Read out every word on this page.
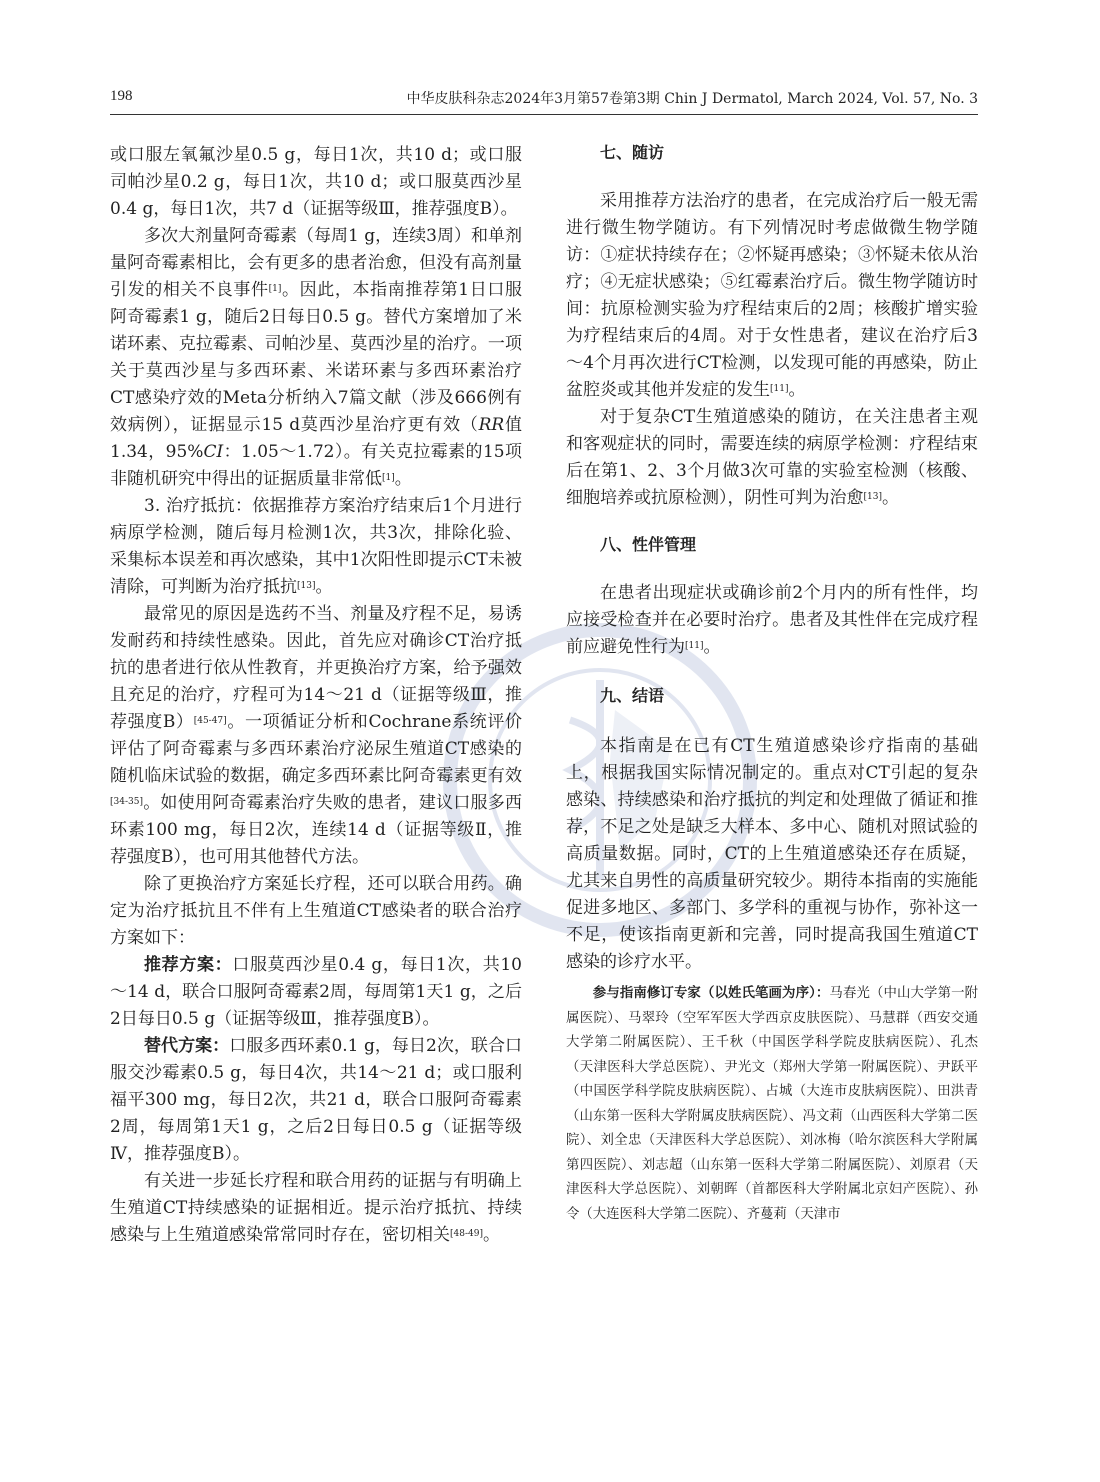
198	中华皮肤科杂志2024年3月第57卷第3期 Chin J Dermatol, March 2024, Vol. 57, No. 3

或口服左氧氟沙星0.5 g，每日1次，共10 d；或口服司帕沙星0.2 g，每日1次，共10 d；或口服莫西沙星0.4 g，每日1次，共7 d（证据等级Ⅲ，推荐强度B）。

多次大剂量阿奇霉素（每周1 g，连续3周）和单剂量阿奇霉素相比，会有更多的患者治愈，但没有高剂量引发的相关不良事件[1]。因此，本指南推荐第1日口服阿奇霉素1 g，随后2日每日0.5 g。替代方案增加了米诺环素、克拉霉素、司帕沙星、莫西沙星的治疗。一项关于莫西沙星与多西环素、米诺环素与多西环素治疗CT感染疗效的Meta分析纳入7篇文献（涉及666例有效病例），证据显示15 d莫西沙星治疗更有效（RR值1.34，95%CI：1.05～1.72）。有关克拉霉素的15项非随机研究中得出的证据质量非常低[1]。

3. 治疗抵抗：依据推荐方案治疗结束后1个月进行病原学检测，随后每月检测1次，共3次，排除化验、采集标本误差和再次感染，其中1次阳性即提示CT未被清除，可判断为治疗抵抗[13]。

最常见的原因是选药不当、剂量及疗程不足，易诱发耐药和持续性感染。因此，首先应对确诊CT治疗抵抗的患者进行依从性教育，并更换治疗方案，给予强效且充足的治疗，疗程可为14～21 d（证据等级Ⅲ，推荐强度B）[45-47]。一项循证分析和Cochrane系统评价评估了阿奇霉素与多西环素治疗泌尿生殖道CT感染的随机临床试验的数据，确定多西环素比阿奇霉素更有效[34-35]。如使用阿奇霉素治疗失败的患者，建议口服多西环素100 mg，每日2次，连续14 d（证据等级Ⅱ，推荐强度B），也可用其他替代方法。

除了更换治疗方案延长疗程，还可以联合用药。确定为治疗抵抗且不伴有上生殖道CT感染者的联合治疗方案如下：

推荐方案：口服莫西沙星0.4 g，每日1次，共10～14 d，联合口服阿奇霉素2周，每周第1天1 g，之后2日每日0.5 g（证据等级Ⅲ，推荐强度B）。

替代方案：口服多西环素0.1 g，每日2次，联合口服交沙霉素0.5 g，每日4次，共14～21 d；或口服利福平300 mg，每日2次，共21 d，联合口服阿奇霉素2周，每周第1天1 g，之后2日每日0.5 g（证据等级Ⅳ，推荐强度B）。

有关进一步延长疗程和联合用药的证据与有明确上生殖道CT持续感染的证据相近。提示治疗抵抗、持续感染与上生殖道感染常常同时存在，密切相关[48-49]。

七、随访

采用推荐方法治疗的患者，在完成治疗后一般无需进行微生物学随访。有下列情况时考虑做微生物学随访：①症状持续存在；②怀疑再感染；③怀疑未依从治疗；④无症状感染；⑤红霉素治疗后。微生物学随访时间：抗原检测实验为疗程结束后的2周；核酸扩增实验为疗程结束后的4周。对于女性患者，建议在治疗后3～4个月再次进行CT检测，以发现可能的再感染，防止盆腔炎或其他并发症的发生[11]。

对于复杂CT生殖道感染的随访，在关注患者主观和客观症状的同时，需要连续的病原学检测：疗程结束后在第1、2、3个月做3次可靠的实验室检测（核酸、细胞培养或抗原检测），阴性可判为治愈[13]。

八、性伴管理

在患者出现症状或确诊前2个月内的所有性伴，均应接受检查并在必要时治疗。患者及其性伴在完成疗程前应避免性行为[11]。

九、结语

本指南是在已有CT生殖道感染诊疗指南的基础上，根据我国实际情况制定的。重点对CT引起的复杂感染、持续感染和治疗抵抗的判定和处理做了循证和推荐，不足之处是缺乏大样本、多中心、随机对照试验的高质量数据。同时，CT的上生殖道感染还存在质疑，尤其来自男性的高质量研究较少。期待本指南的实施能促进多地区、多部门、多学科的重视与协作，弥补这一不足，使该指南更新和完善，同时提高我国生殖道CT感染的诊疗水平。

参与指南修订专家（以姓氏笔画为序）：马春光（中山大学第一附属医院）、马翠玲（空军军医大学西京皮肤医院）、马慧群（西安交通大学第二附属医院）、王千秋（中国医学科学院皮肤病医院）、孔杰（天津医科大学总医院）、尹光文（郑州大学第一附属医院）、尹跃平（中国医学科学院皮肤病医院）、占城（大连市皮肤病医院）、田洪青（山东第一医科大学附属皮肤病医院）、冯文莉（山西医科大学第二医院）、刘全忠（天津医科大学总医院）、刘冰梅（哈尔滨医科大学附属第四医院）、刘志超（山东第一医科大学第二附属医院）、刘原君（天津医科大学总医院）、刘朝晖（首都医科大学附属北京妇产医院）、孙令（大连医科大学第二医院）、齐蔓莉（天津市
